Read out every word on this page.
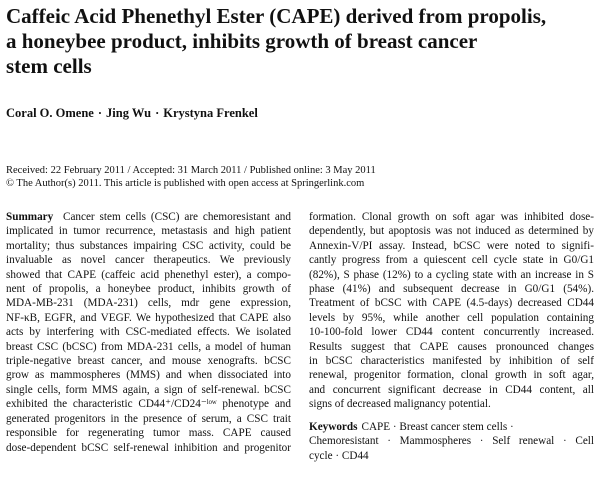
Caffeic Acid Phenethyl Ester (CAPE) derived from propolis,
a honeybee product, inhibits growth of breast cancer
stem cells
Coral O. Omene · Jing Wu · Krystyna Frenkel
Received: 22 February 2011 / Accepted: 31 March 2011 / Published online: 3 May 2011
© The Author(s) 2011. This article is published with open access at Springerlink.com
Summary Cancer stem cells (CSC) are chemoresistant and
implicated in tumor recurrence, metastasis and high patient
mortality; thus substances impairing CSC activity, could be
invaluable as novel cancer therapeutics. We previously
showed that CAPE (caffeic acid phenethyl ester), a compo-
nent of propolis, a honeybee product, inhibits growth of
MDA-MB-231 (MDA-231) cells, mdr gene expression,
NF-κB, EGFR, and VEGF. We hypothesized that CAPE also
acts by interfering with CSC-mediated effects. We isolated
breast CSC (bCSC) from MDA-231 cells, a model of human
triple-negative breast cancer, and mouse xenografts. bCSC
grow as mammospheres (MMS) and when dissociated into
single cells, form MMS again, a sign of self-renewal. bCSC
exhibited the characteristic CD44⁺/CD24⁻ˡᵒʷ phenotype and
generated progenitors in the presence of serum, a CSC trait
responsible for regenerating tumor mass. CAPE caused
dose-dependent bCSC self-renewal inhibition and progenitor
formation. Clonal growth on soft agar was inhibited dose-
dependently, but apoptosis was not induced as determined by
Annexin-V/PI assay. Instead, bCSC were noted to signifi-
cantly progress from a quiescent cell cycle state in G0/G1
(82%), S phase (12%) to a cycling state with an increase in S
phase (41%) and subsequent decrease in G0/G1 (54%).
Treatment of bCSC with CAPE (4.5-days) decreased CD44
levels by 95%, while another cell population containing
10-100-fold lower CD44 content concurrently increased.
Results suggest that CAPE causes pronounced changes
in bCSC characteristics manifested by inhibition of self
renewal, progenitor formation, clonal growth in soft agar,
and concurrent significant decrease in CD44 content, all
signs of decreased malignancy potential.
Keywords CAPE · Breast cancer stem cells ·
Chemoresistant · Mammospheres · Self renewal · Cell
cycle · CD44
